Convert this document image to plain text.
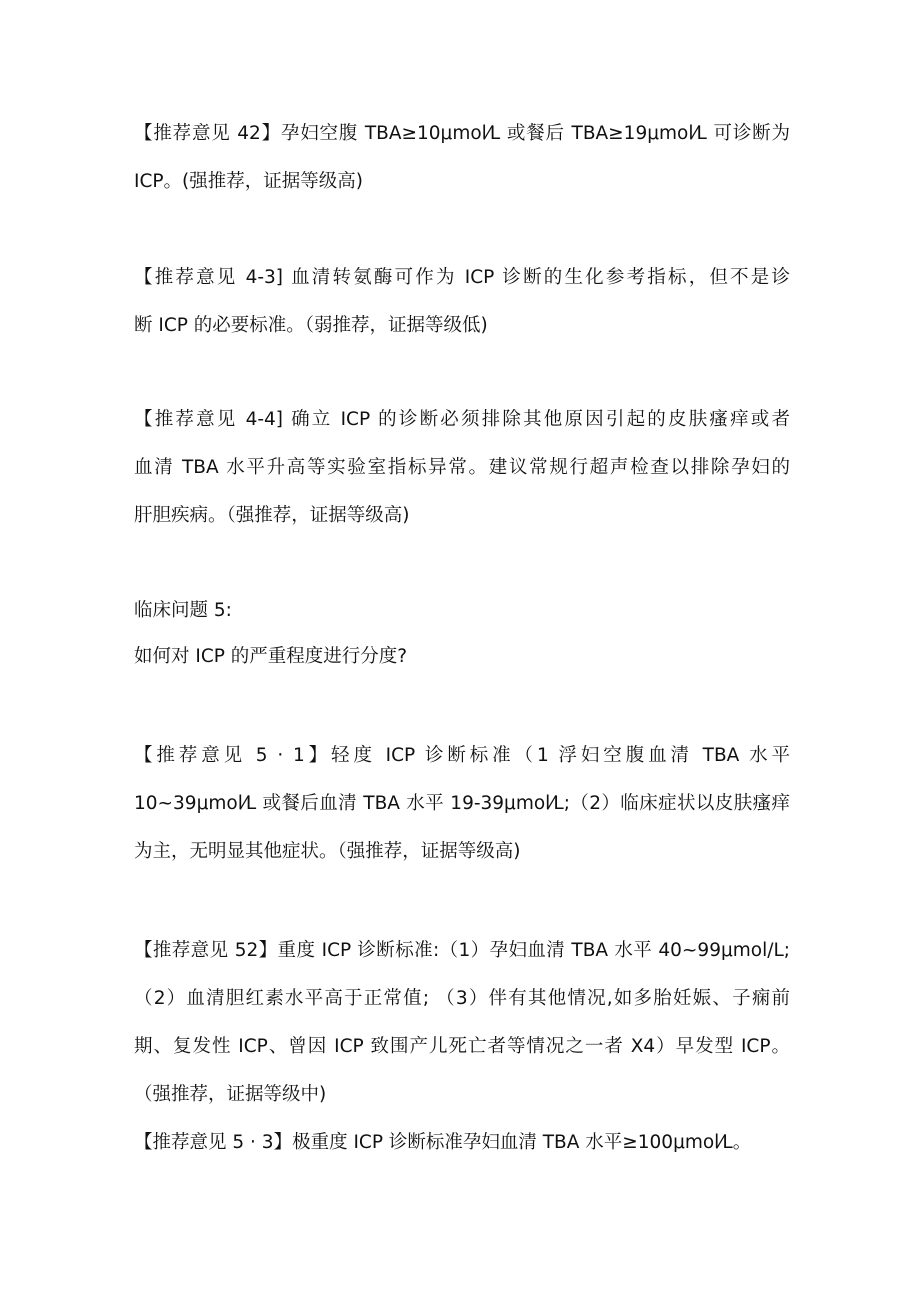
【推荐意见 42】孕妇空腹 TBA≥10μmol⁄L 或餐后 TBA≥19μmol⁄L 可诊断为
ICP。(强推荐，证据等级高)
【推荐意见 4-3] 血清转氨酶可作为 ICP 诊断的生化参考指标，但不是诊
断 ICP 的必要标准。（弱推荐，证据等级低)
【推荐意见 4-4] 确立 ICP 的诊断必须排除其他原因引起的皮肤瘙痒或者
血清 TBA 水平升高等实验室指标异常。建议常规行超声检查以排除孕妇的
肝胆疾病。（强推荐，证据等级高)
临床问题 5:
如何对 ICP 的严重程度进行分度?
【推荐意见 5 · 1】轻度 ICP 诊断标准（1 浮妇空腹血清 TBA 水平
10~39μmol⁄L 或餐后血清 TBA 水平 19-39μmol⁄L;（2）临床症状以皮肤瘙痒
为主，无明显其他症状。（强推荐，证据等级高)
【推荐意见 52】重度 ICP 诊断标准:（1）孕妇血清 TBA 水平 40~99μmol/L;
（2）血清胆红素水平高于正常值; （3）伴有其他情况,如多胎妊娠、子痫前
期、复发性 ICP、曾因 ICP 致围产儿死亡者等情况之一者 X4）早发型 ICP。
（强推荐，证据等级中)
【推荐意见 5 · 3】极重度 ICP 诊断标准孕妇血清 TBA 水平≥100μmol⁄L。
